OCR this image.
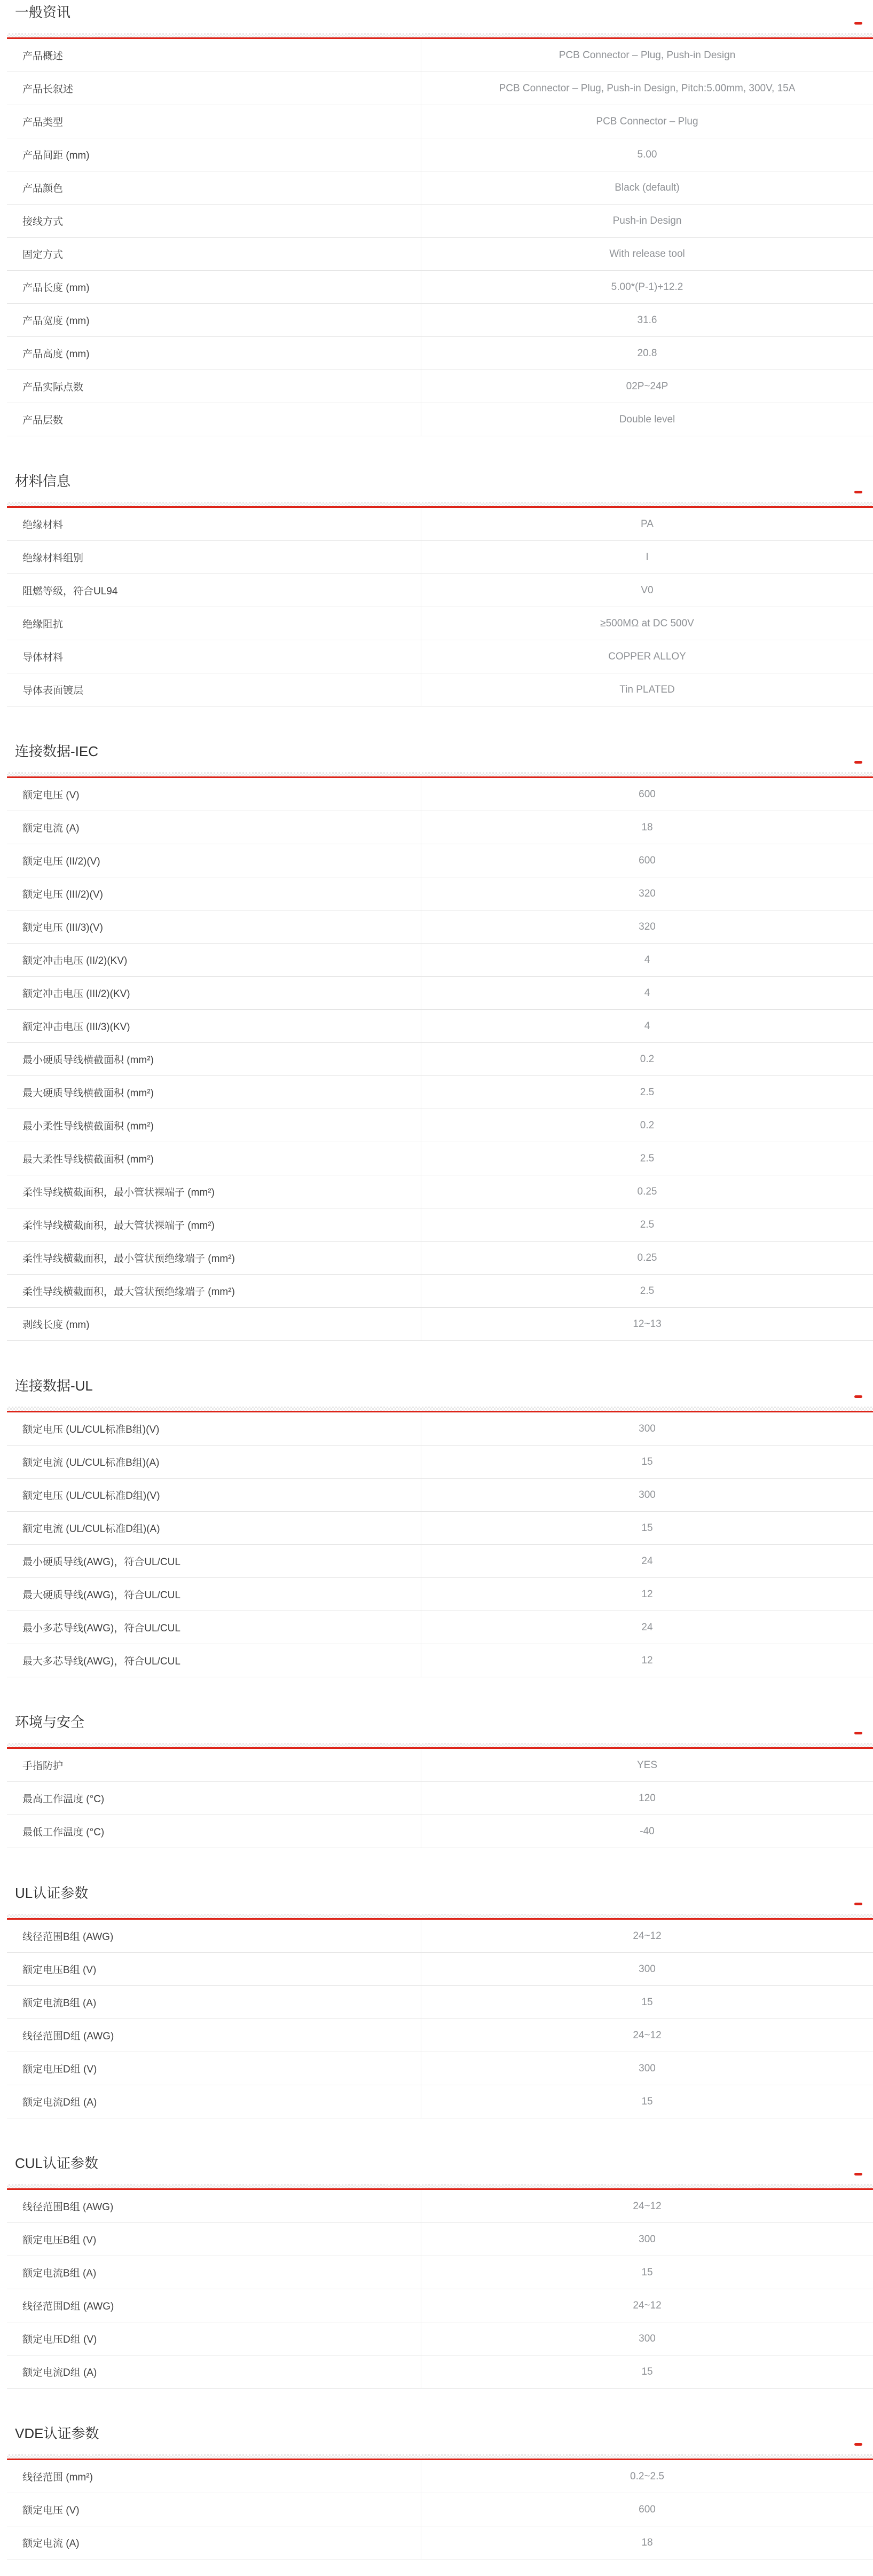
一般资讯
产品概述	PCB Connector – Plug, Push-in Design
产品长叙述	PCB Connector – Plug, Push-in Design, Pitch:5.00mm, 300V, 15A
产品类型	PCB Connector – Plug
产品间距 (mm)	5.00
产品颜色	Black (default)
接线方式	Push-in Design
固定方式	With release tool
产品长度 (mm)	5.00*(P-1)+12.2
产品宽度 (mm)	31.6
产品高度 (mm)	20.8
产品实际点数	02P~24P
产品层数	Double level
材料信息
绝缘材料	PA
绝缘材料组别	I
阻燃等级，符合UL94	V0
绝缘阻抗	≥500MΩ at DC 500V
导体材料	COPPER ALLOY
导体表面镀层	Tin PLATED
连接数据-IEC
额定电压 (V)	600
额定电流 (A)	18
额定电压 (II/2)(V)	600
额定电压 (III/2)(V)	320
额定电压 (III/3)(V)	320
额定冲击电压 (II/2)(KV)	4
额定冲击电压 (III/2)(KV)	4
额定冲击电压 (III/3)(KV)	4
最小硬质导线横截面积 (mm²)	0.2
最大硬质导线横截面积 (mm²)	2.5
最小柔性导线横截面积 (mm²)	0.2
最大柔性导线横截面积 (mm²)	2.5
柔性导线横截面积，最小管状裸端子 (mm²)	0.25
柔性导线横截面积，最大管状裸端子 (mm²)	2.5
柔性导线横截面积，最小管状预绝缘端子 (mm²)	0.25
柔性导线横截面积，最大管状预绝缘端子 (mm²)	2.5
剥线长度 (mm)	12~13
连接数据-UL
额定电压 (UL/CUL标准B组)(V)	300
额定电流 (UL/CUL标准B组)(A)	15
额定电压 (UL/CUL标准D组)(V)	300
额定电流 (UL/CUL标准D组)(A)	15
最小硬质导线(AWG)，符合UL/CUL	24
最大硬质导线(AWG)，符合UL/CUL	12
最小多芯导线(AWG)，符合UL/CUL	24
最大多芯导线(AWG)，符合UL/CUL	12
环境与安全
手指防护	YES
最高工作温度 (°C)	120
最低工作温度 (°C)	-40
UL认证参数
线径范围B组 (AWG)	24~12
额定电压B组 (V)	300
额定电流B组 (A)	15
线径范围D组 (AWG)	24~12
额定电压D组 (V)	300
额定电流D组 (A)	15
CUL认证参数
线径范围B组 (AWG)	24~12
额定电压B组 (V)	300
额定电流B组 (A)	15
线径范围D组 (AWG)	24~12
额定电压D组 (V)	300
额定电流D组 (A)	15
VDE认证参数
线径范围 (mm²)	0.2~2.5
额定电压 (V)	600
额定电流 (A)	18
